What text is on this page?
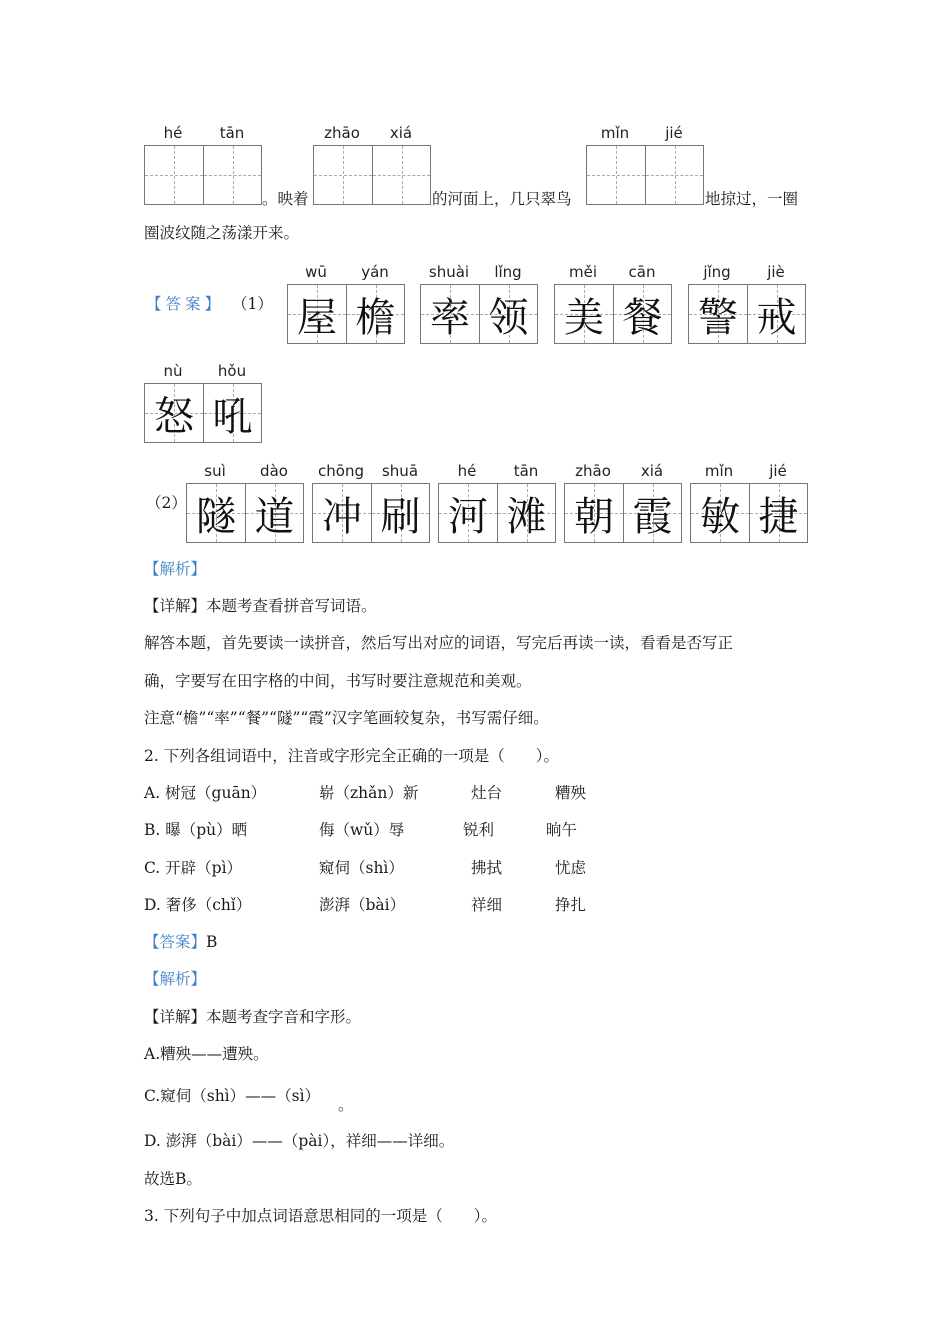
hé	tān
。映着
zhāo	xiá
的河面上，几只翠鸟
mǐn	jié
地掠过，一圈
圈波纹随之荡漾开来。
【答案】 （1）
wū	yán
屋 檐
shuài	lǐng
率 领
měi	cān
美 餐
jǐng	jiè
警 戒
nù	hǒu
怒 吼
（2）
suì	dào
隧 道
chōng	shuā
冲 刷
hé	tān
河 滩
zhāo	xiá
朝 霞
mǐn	jié
敏 捷
【解析】
【详解】本题考查看拼音写词语。
解答本题，首先要读一读拼音，然后写出对应的词语，写完后再读一读，看看是否写正
确，字要写在田字格的中间，书写时要注意规范和美观。
注意“檐”“率”“餐”“隧”“霞”汉字笔画较复杂，书写需仔细。
2. 下列各组词语中，注音或字形完全正确的一项是（　　）。
A. 树冠（guān）	崭（zhǎn）新	灶台	糟殃
B. 曝（pù）晒	侮（wǔ）辱	锐利	晌午
C. 开辟（pì）	窥伺（shì）	拂拭	忧虑
D. 奢侈（chǐ）	澎湃（bài）	祥细	挣扎
【答案】B
【解析】
【详解】本题考查字音和字形。
A.糟殃——遭殃。
C.窥伺（shì）——（sì） 。
D. 澎湃（bài）——（pài），祥细——详细。
故选B。
3. 下列句子中加点词语意思相同的一项是（　　）。
